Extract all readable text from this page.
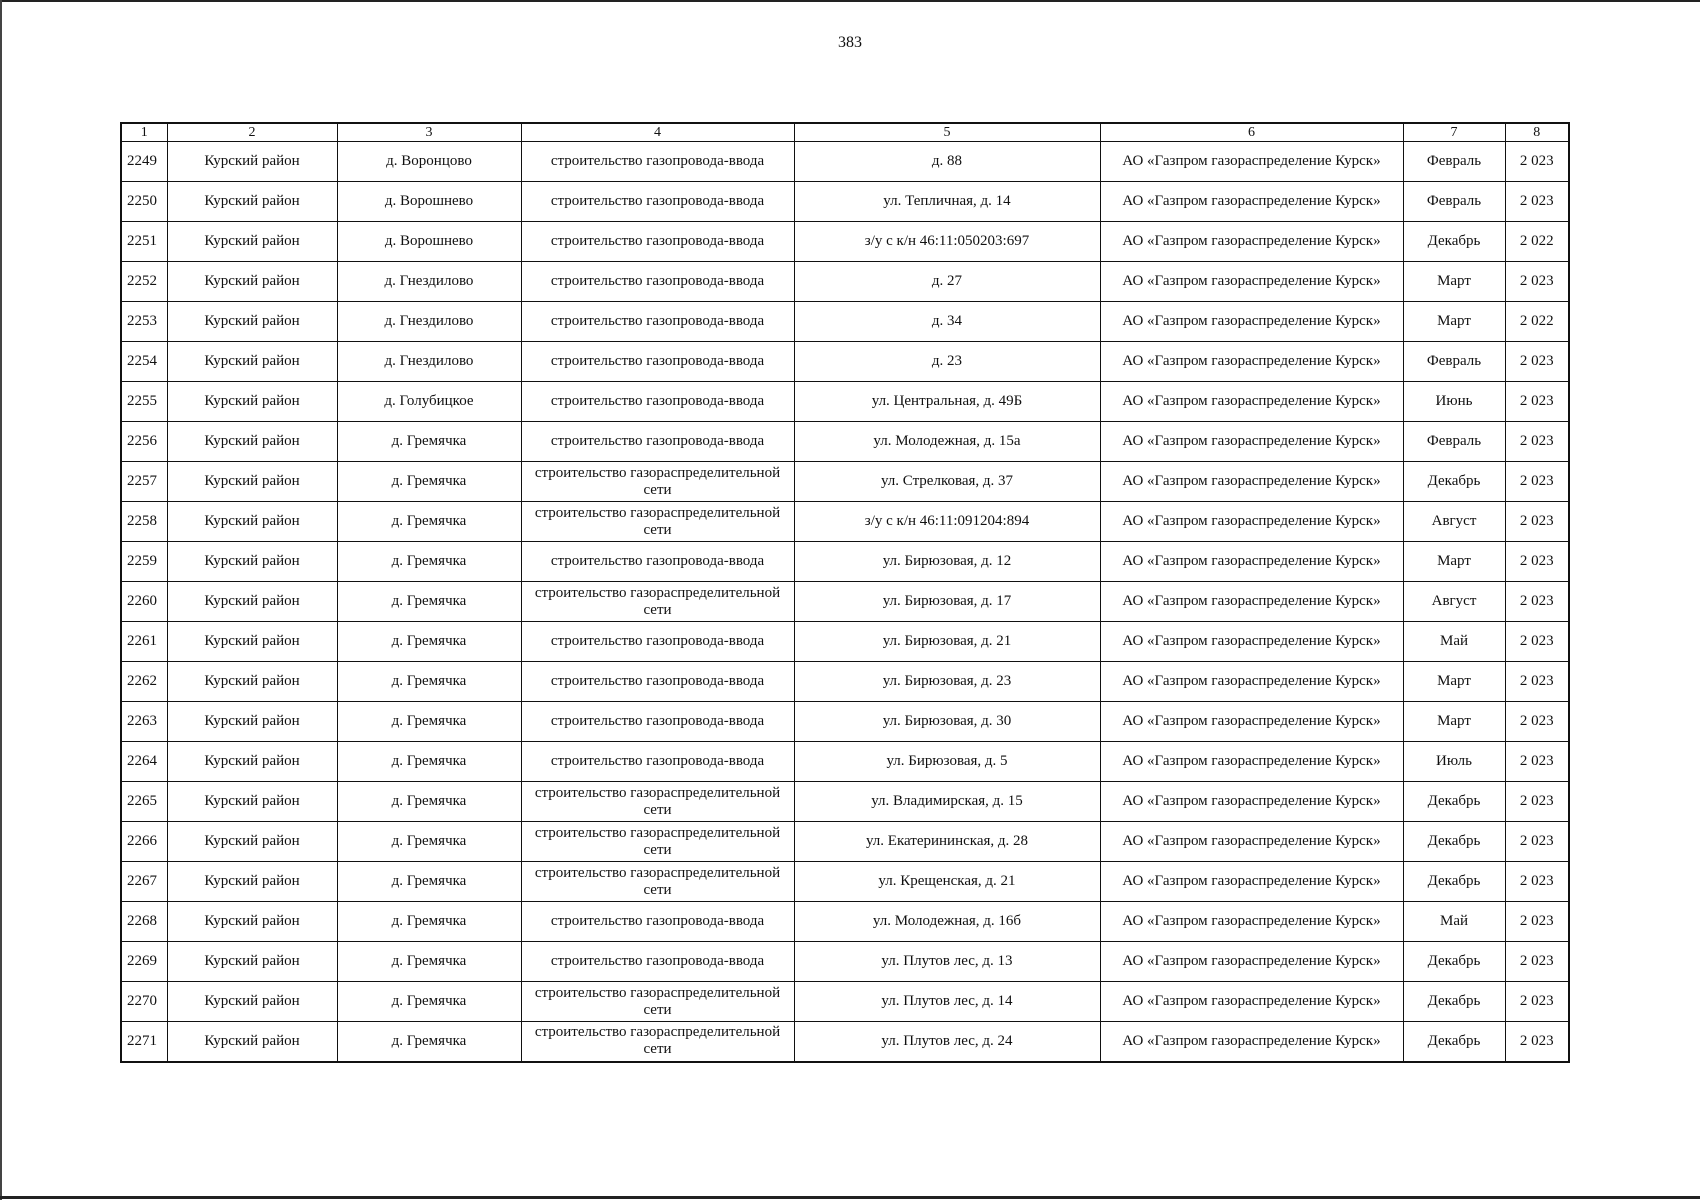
383
1	2	3	4	5	6	7	8
2249	Курский район	д. Воронцово	строительство газопровода-ввода	д. 88	АО «Газпром газораспределение Курск»	Февраль	2 023
2250	Курский район	д. Ворошнево	строительство газопровода-ввода	ул. Тепличная, д. 14	АО «Газпром газораспределение Курск»	Февраль	2 023
2251	Курский район	д. Ворошнево	строительство газопровода-ввода	з/у с к/н 46:11:050203:697	АО «Газпром газораспределение Курск»	Декабрь	2 022
2252	Курский район	д. Гнездилово	строительство газопровода-ввода	д. 27	АО «Газпром газораспределение Курск»	Март	2 023
2253	Курский район	д. Гнездилово	строительство газопровода-ввода	д. 34	АО «Газпром газораспределение Курск»	Март	2 022
2254	Курский район	д. Гнездилово	строительство газопровода-ввода	д. 23	АО «Газпром газораспределение Курск»	Февраль	2 023
2255	Курский район	д. Голубицкое	строительство газопровода-ввода	ул. Центральная, д. 49Б	АО «Газпром газораспределение Курск»	Июнь	2 023
2256	Курский район	д. Гремячка	строительство газопровода-ввода	ул. Молодежная, д. 15а	АО «Газпром газораспределение Курск»	Февраль	2 023
2257	Курский район	д. Гремячка	строительство газораспределительной сети	ул. Стрелковая, д. 37	АО «Газпром газораспределение Курск»	Декабрь	2 023
2258	Курский район	д. Гремячка	строительство газораспределительной сети	з/у с к/н 46:11:091204:894	АО «Газпром газораспределение Курск»	Август	2 023
2259	Курский район	д. Гремячка	строительство газопровода-ввода	ул. Бирюзовая, д. 12	АО «Газпром газораспределение Курск»	Март	2 023
2260	Курский район	д. Гремячка	строительство газораспределительной сети	ул. Бирюзовая, д. 17	АО «Газпром газораспределение Курск»	Август	2 023
2261	Курский район	д. Гремячка	строительство газопровода-ввода	ул. Бирюзовая, д. 21	АО «Газпром газораспределение Курск»	Май	2 023
2262	Курский район	д. Гремячка	строительство газопровода-ввода	ул. Бирюзовая, д. 23	АО «Газпром газораспределение Курск»	Март	2 023
2263	Курский район	д. Гремячка	строительство газопровода-ввода	ул. Бирюзовая, д. 30	АО «Газпром газораспределение Курск»	Март	2 023
2264	Курский район	д. Гремячка	строительство газопровода-ввода	ул. Бирюзовая, д. 5	АО «Газпром газораспределение Курск»	Июль	2 023
2265	Курский район	д. Гремячка	строительство газораспределительной сети	ул. Владимирская, д. 15	АО «Газпром газораспределение Курск»	Декабрь	2 023
2266	Курский район	д. Гремячка	строительство газораспределительной сети	ул. Екатерининская, д. 28	АО «Газпром газораспределение Курск»	Декабрь	2 023
2267	Курский район	д. Гремячка	строительство газораспределительной сети	ул. Крещенская, д. 21	АО «Газпром газораспределение Курск»	Декабрь	2 023
2268	Курский район	д. Гремячка	строительство газопровода-ввода	ул. Молодежная, д. 16б	АО «Газпром газораспределение Курск»	Май	2 023
2269	Курский район	д. Гремячка	строительство газопровода-ввода	ул. Плутов лес, д. 13	АО «Газпром газораспределение Курск»	Декабрь	2 023
2270	Курский район	д. Гремячка	строительство газораспределительной сети	ул. Плутов лес, д. 14	АО «Газпром газораспределение Курск»	Декабрь	2 023
2271	Курский район	д. Гремячка	строительство газораспределительной сети	ул. Плутов лес, д. 24	АО «Газпром газораспределение Курск»	Декабрь	2 023
